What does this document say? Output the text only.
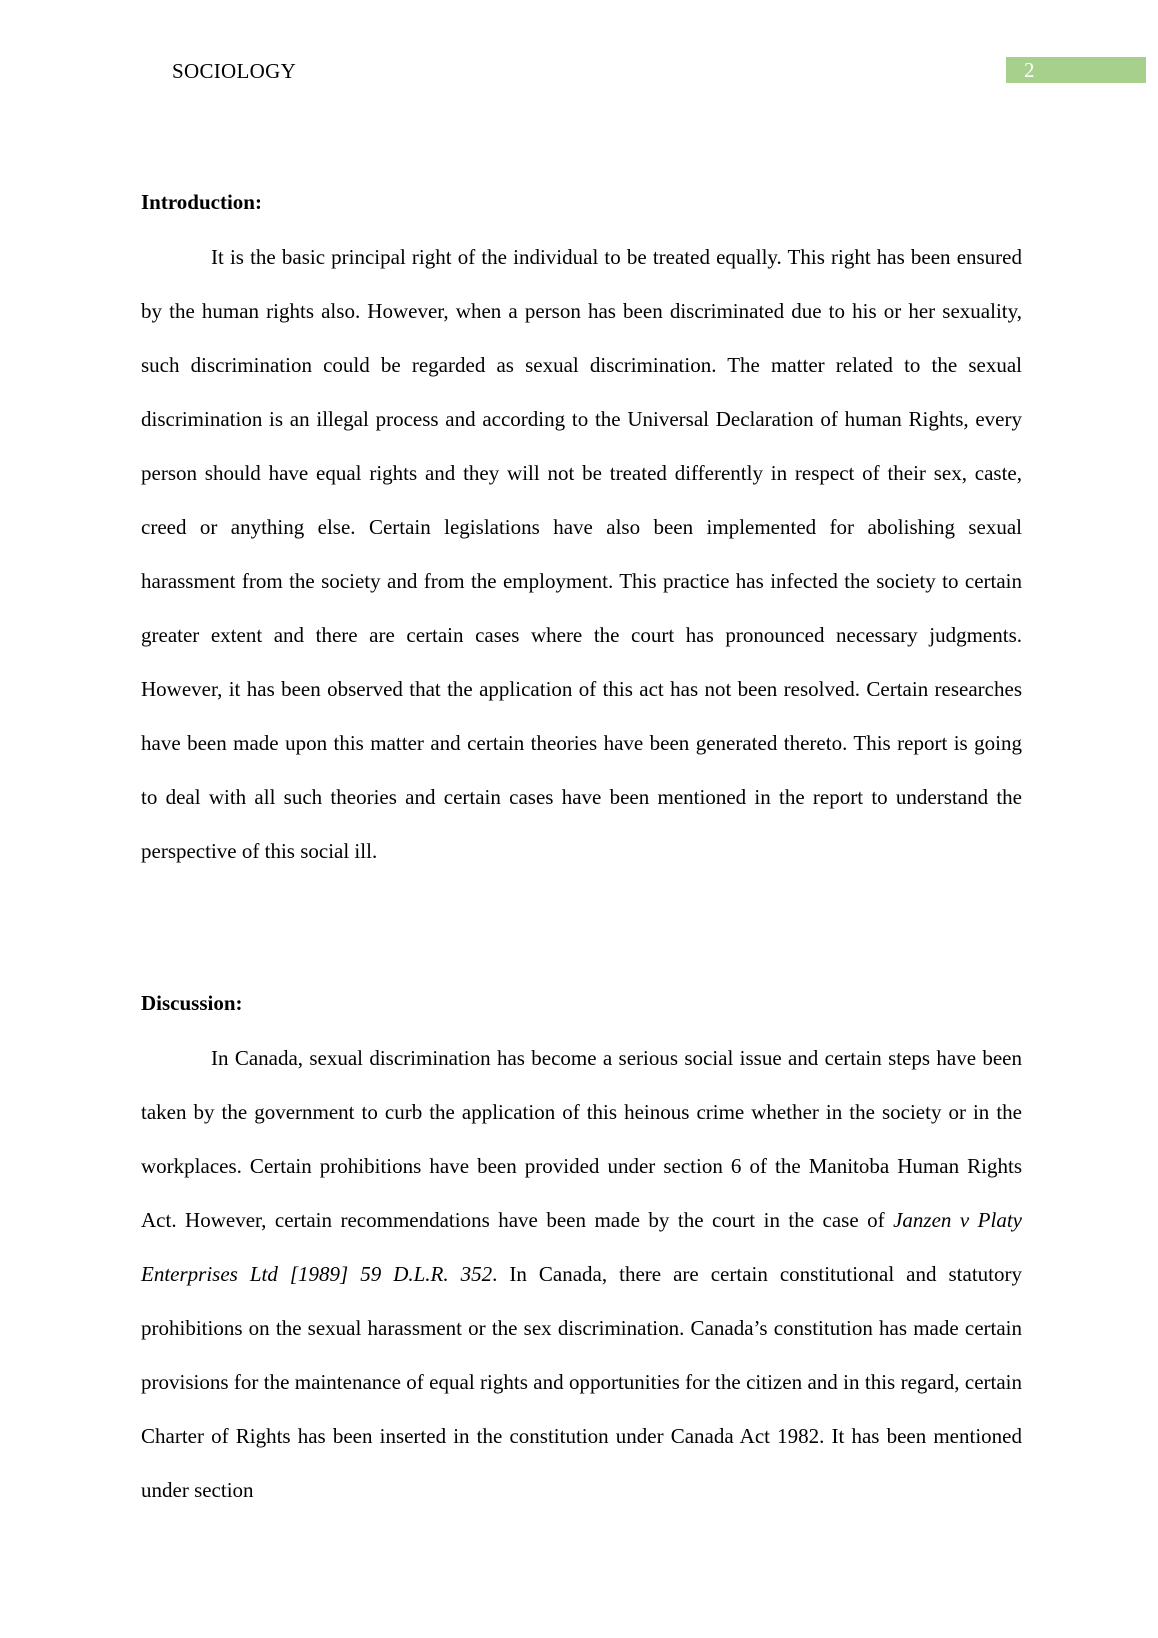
SOCIOLOGY	2
Introduction:

It is the basic principal right of the individual to be treated equally. This right has been ensured by the human rights also. However, when a person has been discriminated due to his or her sexuality, such discrimination could be regarded as sexual discrimination. The matter related to the sexual discrimination is an illegal process and according to the Universal Declaration of human Rights, every person should have equal rights and they will not be treated differently in respect of their sex, caste, creed or anything else. Certain legislations have also been implemented for abolishing sexual harassment from the society and from the employment. This practice has infected the society to certain greater extent and there are certain cases where the court has pronounced necessary judgments. However, it has been observed that the application of this act has not been resolved. Certain researches have been made upon this matter and certain theories have been generated thereto. This report is going to deal with all such theories and certain cases have been mentioned in the report to understand the perspective of this social ill.

Discussion:

In Canada, sexual discrimination has become a serious social issue and certain steps have been taken by the government to curb the application of this heinous crime whether in the society or in the workplaces. Certain prohibitions have been provided under section 6 of the Manitoba Human Rights Act. However, certain recommendations have been made by the court in the case of Janzen v Platy Enterprises Ltd [1989] 59 D.L.R. 352. In Canada, there are certain constitutional and statutory prohibitions on the sexual harassment or the sex discrimination. Canada’s constitution has made certain provisions for the maintenance of equal rights and opportunities for the citizen and in this regard, certain Charter of Rights has been inserted in the constitution under Canada Act 1982. It has been mentioned under section
